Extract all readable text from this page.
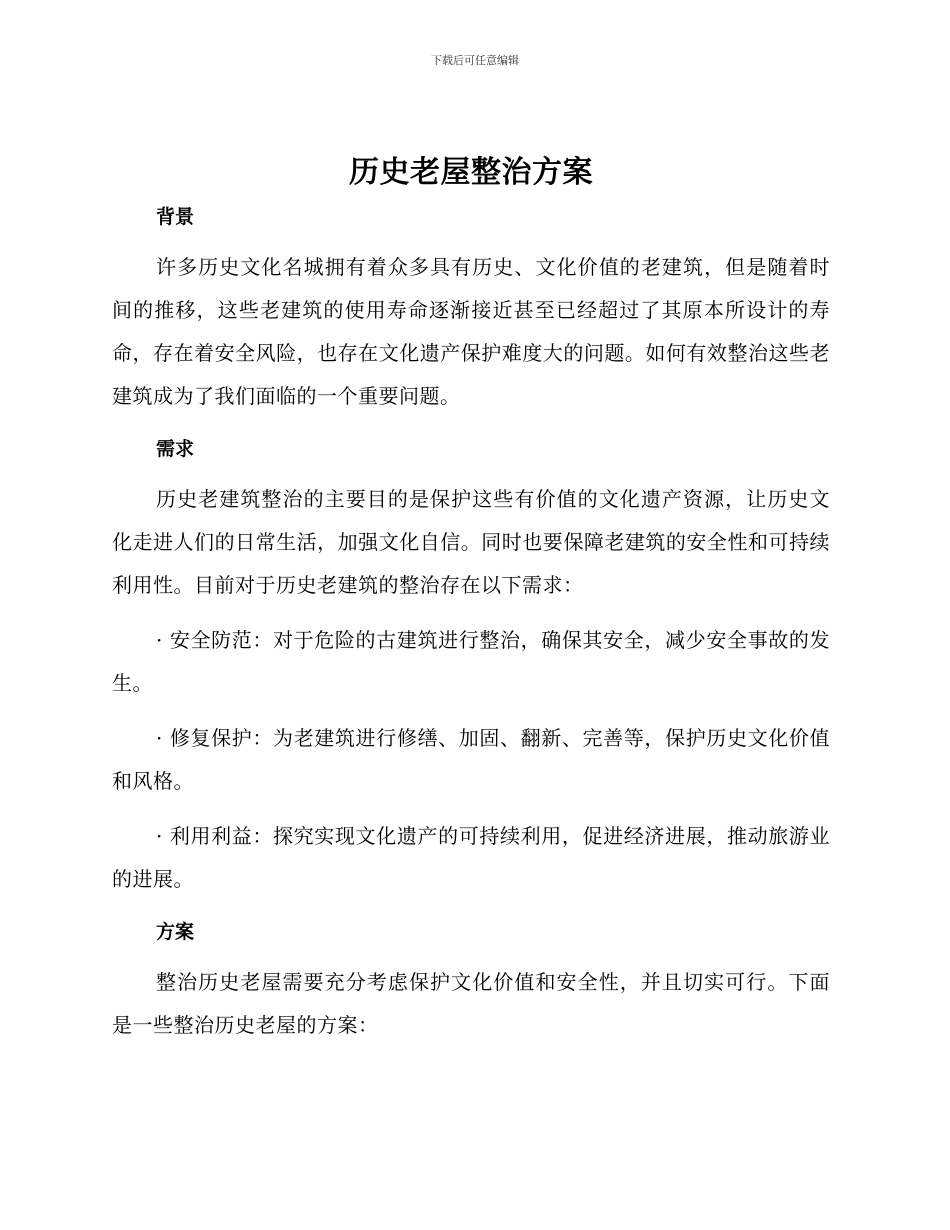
下载后可任意编辑
历史老屋整治方案
背景

许多历史文化名城拥有着众多具有历史、文化价值的老建筑，但是随着时间的推移，这些老建筑的使用寿命逐渐接近甚至已经超过了其原本所设计的寿命，存在着安全风险，也存在文化遗产保护难度大的问题。如何有效整治这些老建筑成为了我们面临的一个重要问题。

需求

历史老建筑整治的主要目的是保护这些有价值的文化遗产资源，让历史文化走进人们的日常生活，加强文化自信。同时也要保障老建筑的安全性和可持续利用性。目前对于历史老建筑的整治存在以下需求：

· 安全防范：对于危险的古建筑进行整治，确保其安全，减少安全事故的发生。

· 修复保护：为老建筑进行修缮、加固、翻新、完善等，保护历史文化价值和风格。

· 利用利益：探究实现文化遗产的可持续利用，促进经济进展，推动旅游业的进展。

方案

整治历史老屋需要充分考虑保护文化价值和安全性，并且切实可行。下面是一些整治历史老屋的方案：
